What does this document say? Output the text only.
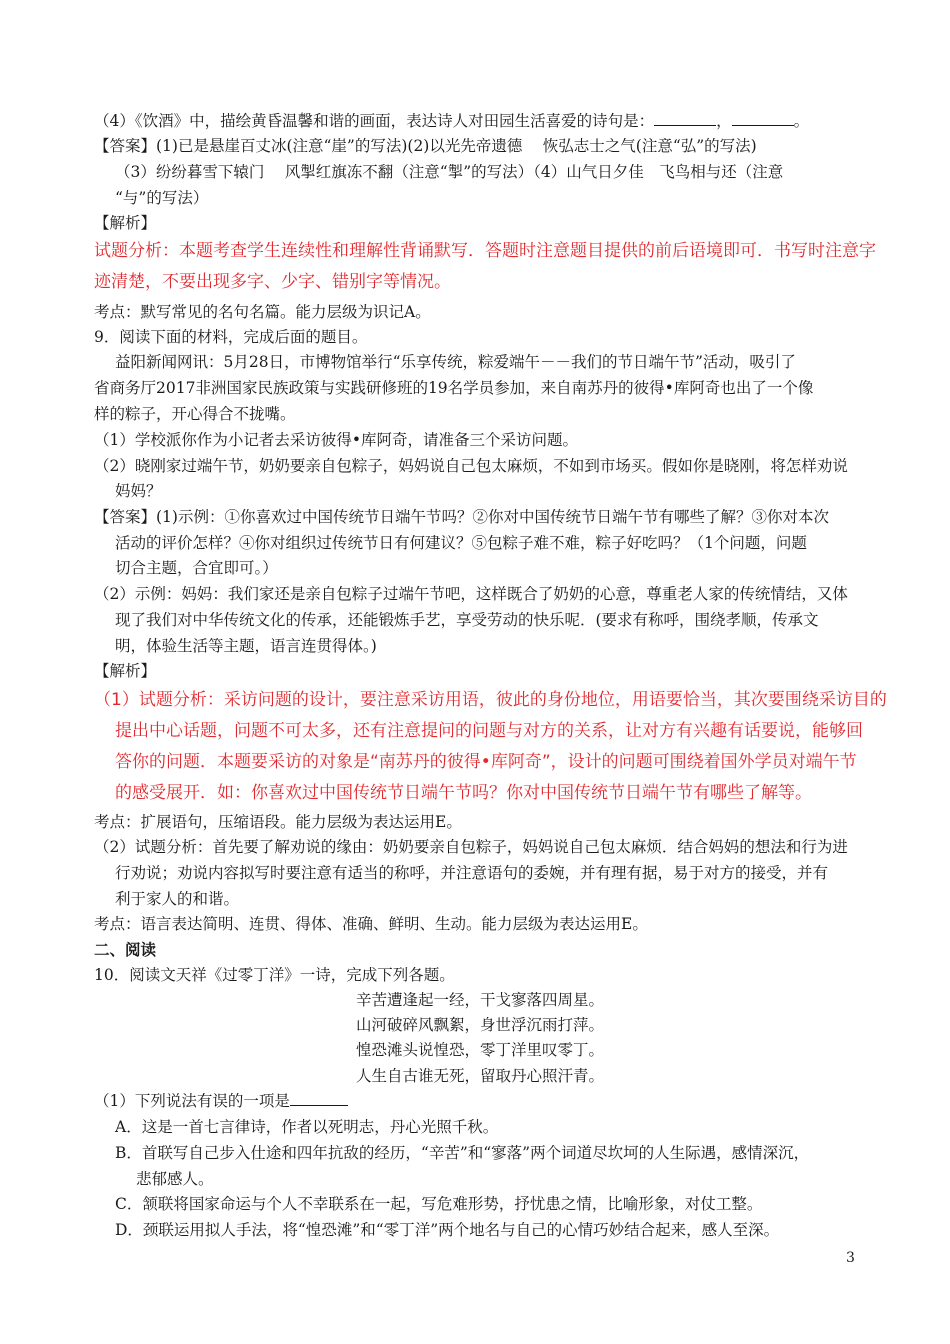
（4）《饮酒》中，描绘黄昏温馨和谐的画面，表达诗人对田园生活喜爱的诗句是：	，	。
【答案】(1)已是悬崖百丈冰(注意“崖”的写法)(2)以光先帝遗德　 恢弘志士之气(注意“弘”的写法)
（3）纷纷暮雪下辕门　 风掣红旗冻不翻（注意“掣”的写法）（4）山气日夕佳　飞鸟相与还（注意
“与”的写法）
【解析】
试题分析：本题考查学生连续性和理解性背诵默写．答题时注意题目提供的前后语境即可．书写时注意字
迹清楚，不要出现多字、少字、错别字等情况。
考点：默写常见的名句名篇。能力层级为识记A。
9．阅读下面的材料，完成后面的题目。
益阳新闻网讯：5月28日，市博物馆举行“乐享传统，粽爱端午－－我们的节日端午节”活动，吸引了
省商务厅2017非洲国家民族政策与实践研修班的19名学员参加，来自南苏丹的彼得•库阿奇也出了一个像
样的粽子，开心得合不拢嘴。
（1）学校派你作为小记者去采访彼得•库阿奇，请准备三个采访问题。
（2）晓刚家过端午节，奶奶要亲自包粽子，妈妈说自己包太麻烦，不如到市场买。假如你是晓刚，将怎样劝说
妈妈？
【答案】(1)示例：①你喜欢过中国传统节日端午节吗？②你对中国传统节日端午节有哪些了解？③你对本次
活动的评价怎样？④你对组织过传统节日有何建议？⑤包粽子难不难，粽子好吃吗？（1个问题，问题
切合主题，合宜即可。）
（2）示例：妈妈：我们家还是亲自包粽子过端午节吧，这样既合了奶奶的心意，尊重老人家的传统情结，又体
现了我们对中华传统文化的传承，还能锻炼手艺，享受劳动的快乐呢．(要求有称呼，围绕孝顺，传承文
明，体验生活等主题，语言连贯得体。)
【解析】
（1）试题分析：采访问题的设计，要注意采访用语，彼此的身份地位，用语要恰当，其次要围绕采访目的
提出中心话题，问题不可太多，还有注意提问的问题与对方的关系，让对方有兴趣有话要说，能够回
答你的问题．本题要采访的对象是“南苏丹的彼得•库阿奇”，设计的问题可围绕着国外学员对端午节
的感受展开．如：你喜欢过中国传统节日端午节吗？你对中国传统节日端午节有哪些了解等。
考点：扩展语句，压缩语段。能力层级为表达运用E。
（2）试题分析：首先要了解劝说的缘由：奶奶要亲自包粽子，妈妈说自己包太麻烦．结合妈妈的想法和行为进
行劝说；劝说内容拟写时要注意有适当的称呼，并注意语句的委婉，并有理有据，易于对方的接受，并有
利于家人的和谐。
考点：语言表达简明、连贯、得体、准确、鲜明、生动。能力层级为表达运用E。
二、阅读
10．阅读文天祥《过零丁洋》一诗，完成下列各题。
辛苦遭逢起一经，干戈寥落四周星。
山河破碎风飘絮，身世浮沉雨打萍。
惶恐滩头说惶恐，零丁洋里叹零丁。
人生自古谁无死，留取丹心照汗青。
（1）下列说法有误的一项是
A．这是一首七言律诗，作者以死明志，丹心光照千秋。
B．首联写自己步入仕途和四年抗敌的经历，“辛苦”和“寥落”两个词道尽坎坷的人生际遇，感情深沉，
悲郁感人。
C．颔联将国家命运与个人不幸联系在一起，写危难形势，抒忧患之情，比喻形象，对仗工整。
D．颈联运用拟人手法，将“惶恐滩”和“零丁洋”两个地名与自己的心情巧妙结合起来，感人至深。
3
